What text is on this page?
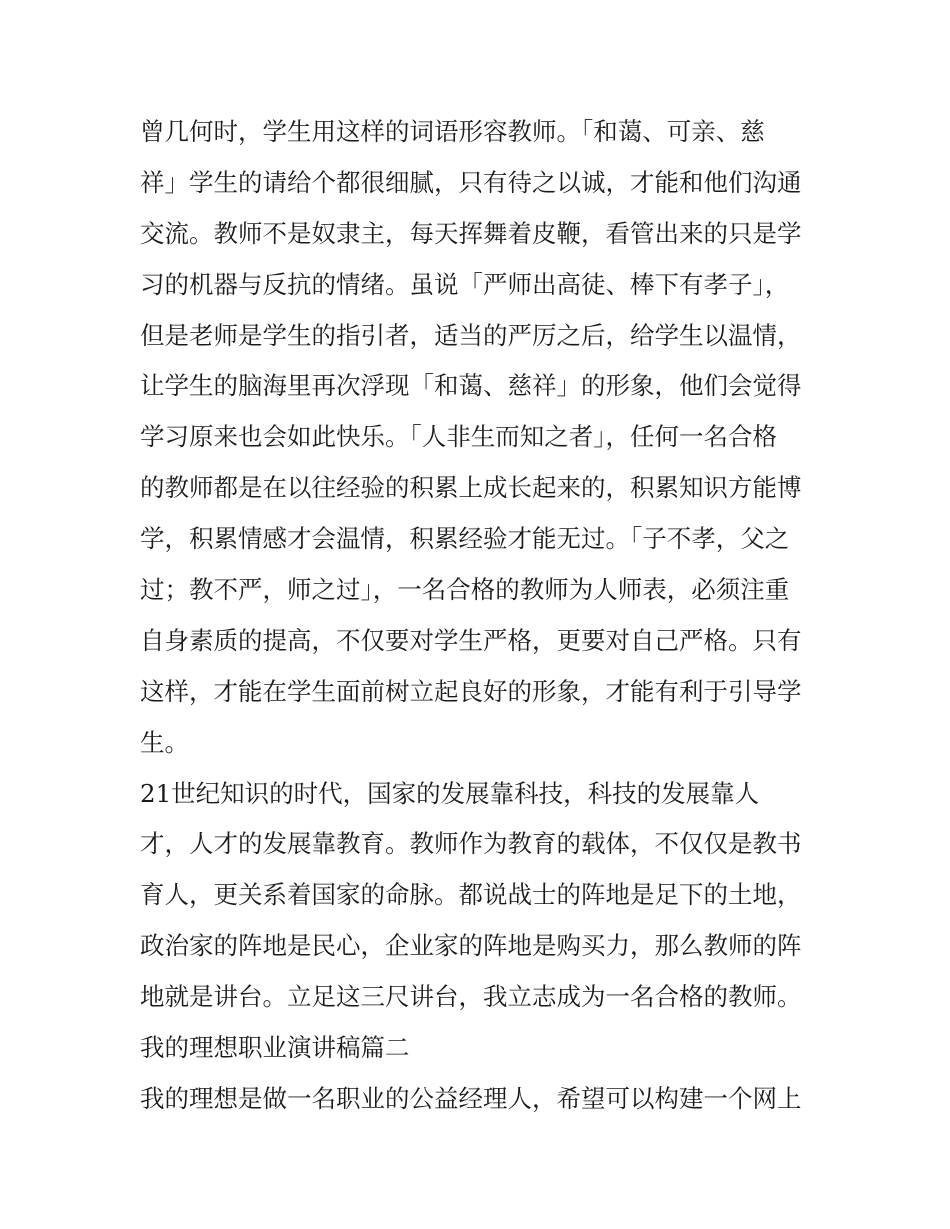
曾几何时，学生用这样的词语形容教师。「和蔼、可亲、慈
祥」学生的请给个都很细腻，只有待之以诚，才能和他们沟通
交流。教师不是奴隶主，每天挥舞着皮鞭，看管出来的只是学
习的机器与反抗的情绪。虽说「严师出高徒、棒下有孝子」，
但是老师是学生的指引者，适当的严厉之后，给学生以温情，
让学生的脑海里再次浮现「和蔼、慈祥」的形象，他们会觉得
学习原来也会如此快乐。「人非生而知之者」，任何一名合格
的教师都是在以往经验的积累上成长起来的，积累知识方能博
学，积累情感才会温情，积累经验才能无过。「子不孝，父之
过；教不严，师之过」，一名合格的教师为人师表，必须注重
自身素质的提高，不仅要对学生严格，更要对自己严格。只有
这样，才能在学生面前树立起良好的形象，才能有利于引导学
生。
21世纪知识的时代，国家的发展靠科技，科技的发展靠人
才，人才的发展靠教育。教师作为教育的载体，不仅仅是教书
育人，更关系着国家的命脉。都说战士的阵地是足下的土地，
政治家的阵地是民心，企业家的阵地是购买力，那么教师的阵
地就是讲台。立足这三尺讲台，我立志成为一名合格的教师。
我的理想职业演讲稿篇二
我的理想是做一名职业的公益经理人，希望可以构建一个网上
